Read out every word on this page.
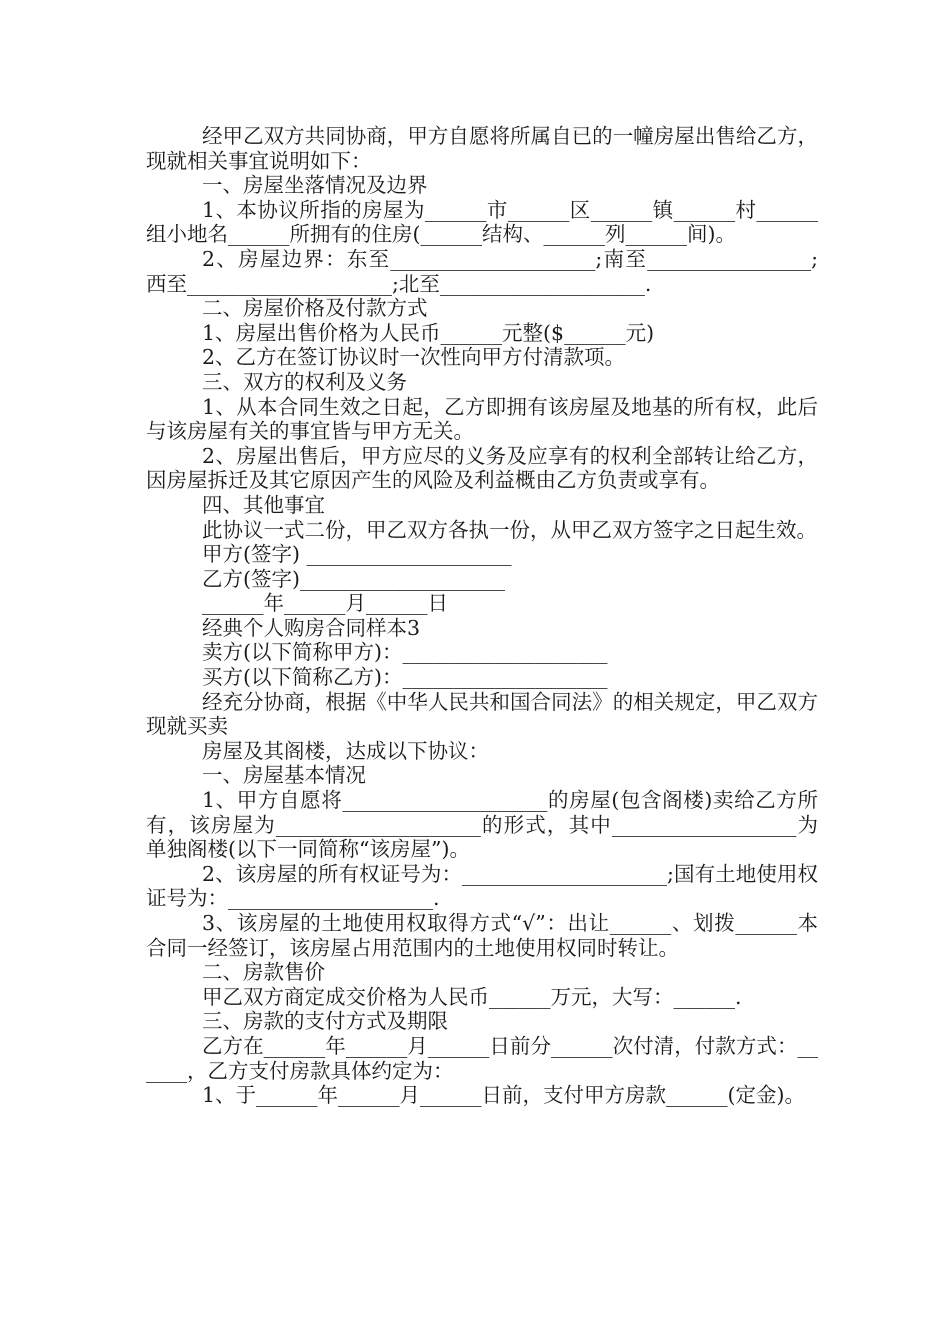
经甲乙双方共同协商，甲方自愿将所属自已的一幢房屋出售给乙方，现就相关事宜说明如下：

一、房屋坐落情况及边界

1、本协议所指的房屋为______市______区______镇______村______组小地名______所拥有的住房(______结构、______列______间)。

2、房屋边界：东至____________________;南至________________;西至____________________;北至____________________.

二、房屋价格及付款方式

1、房屋出售价格为人民币______元整($______元)

2、乙方在签订协议时一次性向甲方付清款项。

三、双方的权利及义务

1、从本合同生效之日起，乙方即拥有该房屋及地基的所有权，此后与该房屋有关的事宜皆与甲方无关。

2、房屋出售后，甲方应尽的义务及应享有的权利全部转让给乙方，因房屋拆迁及其它原因产生的风险及利益概由乙方负责或享有。

四、其他事宜

此协议一式二份，甲乙双方各执一份，从甲乙双方签字之日起生效。

甲方(签字) ____________________

乙方(签字)____________________

______年______月______日

经典个人购房合同样本3

卖方(以下简称甲方)：____________________

买方(以下简称乙方)：____________________

经充分协商，根据《中华人民共和国合同法》的相关规定，甲乙双方现就买卖

房屋及其阁楼，达成以下协议：

一、房屋基本情况

1、甲方自愿将____________________的房屋(包含阁楼)卖给乙方所有，该房屋为____________________的形式，其中__________________为单独阁楼(以下一同简称“该房屋”)。

2、该房屋的所有权证号为：____________________;国有土地使用权证号为：____________________.

3、该房屋的土地使用权取得方式“√”：出让______、划拨______本合同一经签订，该房屋占用范围内的土地使用权同时转让。

二、房款售价

甲乙双方商定成交价格为人民币______万元，大写：______.

三、房款的支付方式及期限

乙方在______年______月______日前分______次付清，付款方式：______，乙方支付房款具体约定为：

1、于______年______月______日前，支付甲方房款______(定金)。
